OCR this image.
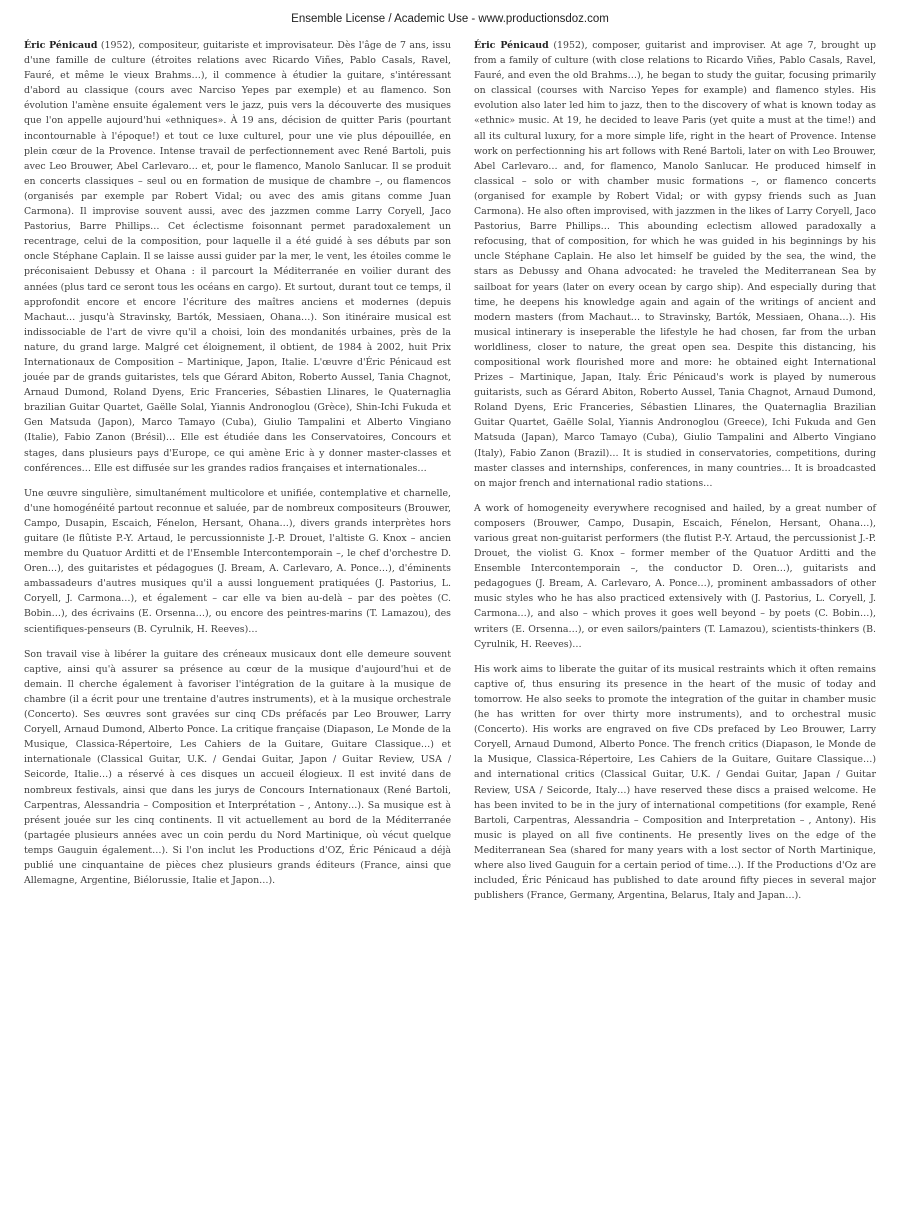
Ensemble License / Academic Use - www.productionsdoz.com

Éric Pénicaud (1952), compositeur, guitariste et improvisateur. Dès l'âge de 7 ans, issu d'une famille de culture (étroites relations avec Ricardo Viñes, Pablo Casals, Ravel, Fauré, et même le vieux Brahms…), il commence à étudier la guitare, s'intéressant d'abord au classique (cours avec Narciso Yepes par exemple) et au flamenco. Son évolution l'amène ensuite également vers le jazz, puis vers la découverte des musiques que l'on appelle aujourd'hui «ethniques». À 19 ans, décision de quitter Paris (pourtant incontournable à l'époque!) et tout ce luxe culturel, pour une vie plus dépouillée, en plein cœur de la Provence. Intense travail de perfectionnement avec René Bartoli, puis avec Leo Brouwer, Abel Carlevaro… et, pour le flamenco, Manolo Sanlucar. Il se produit en concerts classiques – seul ou en formation de musique de chambre –, ou flamencos (organisés par exemple par Robert Vidal; ou avec des amis gitans comme Juan Carmona). Il improvise souvent aussi, avec des jazzmen comme Larry Coryell, Jaco Pastorius, Barre Phillips… Cet éclectisme foisonnant permet paradoxalement un recentrage, celui de la composition, pour laquelle il a été guidé à ses débuts par son oncle Stéphane Caplain. Il se laisse aussi guider par la mer, le vent, les étoiles comme le préconisaient Debussy et Ohana : il parcourt la Méditerranée en voilier durant des années (plus tard ce seront tous les océans en cargo). Et surtout, durant tout ce temps, il approfondit encore et encore l'écriture des maîtres anciens et modernes (depuis Machaut… jusqu'à Stravinsky, Bartók, Messiaen, Ohana…). Son itinéraire musical est indissociable de l'art de vivre qu'il a choisi, loin des mondanités urbaines, près de la nature, du grand large. Malgré cet éloignement, il obtient, de 1984 à 2002, huit Prix Internationaux de Composition – Martinique, Japon, Italie. L'œuvre d'Éric Pénicaud est jouée par de grands guitaristes, tels que Gérard Abiton, Roberto Aussel, Tania Chagnot, Arnaud Dumond, Roland Dyens, Eric Franceries, Sébastien Llinares, le Quaternaglia brazilian Guitar Quartet, Gaëlle Solal, Yiannis Andronoglou (Grèce), Shin-Ichi Fukuda et Gen Matsuda (Japon), Marco Tamayo (Cuba), Giulio Tampalini et Alberto Vingiano (Italie), Fabio Zanon (Brésil)… Elle est étudiée dans les Conservatoires, Concours et stages, dans plusieurs pays d'Europe, ce qui amène Eric à y donner master-classes et conférences… Elle est diffusée sur les grandes radios françaises et internationales…

Une œuvre singulière, simultanément multicolore et unifiée, contemplative et charnelle, d'une homogénéité partout reconnue et saluée, par de nombreux compositeurs (Brouwer, Campo, Dusapin, Escaich, Fénelon, Hersant, Ohana…), divers grands interprètes hors guitare (le flûtiste P.-Y. Artaud, le percussionniste J.-P. Drouet, l'altiste G. Knox – ancien membre du Quatuor Arditti et de l'Ensemble Intercontemporain –, le chef d'orchestre D. Oren…), des guitaristes et pédagogues (J. Bream, A. Carlevaro, A. Ponce…), d'éminents ambassadeurs d'autres musiques qu'il a aussi longuement pratiquées (J. Pastorius, L. Coryell, J. Carmona…), et également – car elle va bien au-delà – par des poètes (C. Bobin…), des écrivains (E. Orsenna…), ou encore des peintres-marins (T. Lamazou), des scientifiques-penseurs (B. Cyrulnik, H. Reeves)…

Son travail vise à libérer la guitare des créneaux musicaux dont elle demeure souvent captive, ainsi qu'à assurer sa présence au cœur de la musique d'aujourd'hui et de demain. Il cherche également à favoriser l'intégration de la guitare à la musique de chambre (il a écrit pour une trentaine d'autres instruments), et à la musique orchestrale (Concerto). Ses œuvres sont gravées sur cinq CDs préfacés par Leo Brouwer, Larry Coryell, Arnaud Dumond, Alberto Ponce. La critique française (Diapason, Le Monde de la Musique, Classica-Répertoire, Les Cahiers de la Guitare, Guitare Classique…) et internationale (Classical Guitar, U.K. / Gendai Guitar, Japon / Guitar Review, USA / Seicorde, Italie…) a réservé à ces disques un accueil élogieux. Il est invité dans de nombreux festivals, ainsi que dans les jurys de Concours Internationaux (René Bartoli, Carpentras, Alessandria – Composition et Interprétation – , Antony…). Sa musique est à présent jouée sur les cinq continents. Il vit actuellement au bord de la Méditerranée (partagée plusieurs années avec un coin perdu du Nord Martinique, où vécut quelque temps Gauguin également…). Si l'on inclut les Productions d'OZ, Éric Pénicaud a déjà publié une cinquantaine de pièces chez plusieurs grands éditeurs (France, ainsi que Allemagne, Argentine, Biélorussie, Italie et Japon…).

Éric Pénicaud (1952), composer, guitarist and improviser. At age 7, brought up from a family of culture (with close relations to Ricardo Viñes, Pablo Casals, Ravel, Fauré, and even the old Brahms…), he began to study the guitar, focusing primarily on classical (courses with Narciso Yepes for example) and flamenco styles. His evolution also later led him to jazz, then to the discovery of what is known today as «ethnic» music. At 19, he decided to leave Paris (yet quite a must at the time!) and all its cultural luxury, for a more simple life, right in the heart of Provence. Intense work on perfectionning his art follows with René Bartoli, later on with Leo Brouwer, Abel Carlevaro… and, for flamenco, Manolo Sanlucar. He produced himself in classical – solo or with chamber music formations –, or flamenco concerts (organised for example by Robert Vidal; or with gypsy friends such as Juan Carmona). He also often improvised, with jazzmen in the likes of Larry Coryell, Jaco Pastorius, Barre Phillips… This abounding eclectism allowed paradoxally a refocusing, that of composition, for which he was guided in his beginnings by his uncle Stéphane Caplain. He also let himself be guided by the sea, the wind, the stars as Debussy and Ohana advocated: he traveled the Mediterranean Sea by sailboat for years (later on every ocean by cargo ship). And especially during that time, he deepens his knowledge again and again of the writings of ancient and modern masters (from Machaut… to Stravinsky, Bartók, Messiaen, Ohana…). His musical intinerary is inseperable the lifestyle he had chosen, far from the urban worldliness, closer to nature, the great open sea. Despite this distancing, his compositional work flourished more and more: he obtained eight International Prizes – Martinique, Japan, Italy. Éric Pénicaud's work is played by numerous guitarists, such as Gérard Abiton, Roberto Aussel, Tania Chagnot, Arnaud Dumond, Roland Dyens, Eric Franceries, Sébastien Llinares, the Quaternaglia Brazilian Guitar Quartet, Gaëlle Solal, Yiannis Andronoglou (Greece), Ichi Fukuda and Gen Matsuda (Japan), Marco Tamayo (Cuba), Giulio Tampalini and Alberto Vingiano (Italy), Fabio Zanon (Brazil)… It is studied in conservatories, competitions, during master classes and internships, conferences, in many countries… It is broadcasted on major french and international radio stations…

A work of homogeneity everywhere recognised and hailed, by a great number of composers (Brouwer, Campo, Dusapin, Escaich, Fénelon, Hersant, Ohana…), various great non-guitarist performers (the flutist P.-Y. Artaud, the percussionist J.-P. Drouet, the violist G. Knox – former member of the Quatuor Arditti and the Ensemble Intercontemporain –, the conductor D. Oren…), guitarists and pedagogues (J. Bream, A. Carlevaro, A. Ponce…), prominent ambassadors of other music styles who he has also practiced extensively with (J. Pastorius, L. Coryell, J. Carmona…), and also – which proves it goes well beyond – by poets (C. Bobin…), writers (E. Orsenna…), or even sailors/painters (T. Lamazou), scientists-thinkers (B. Cyrulnik, H. Reeves)…

His work aims to liberate the guitar of its musical restraints which it often remains captive of, thus ensuring its presence in the heart of the music of today and tomorrow. He also seeks to promote the integration of the guitar in chamber music (he has written for over thirty more instruments), and to orchestral music (Concerto). His works are engraved on five CDs prefaced by Leo Brouwer, Larry Coryell, Arnaud Dumond, Alberto Ponce. The french critics (Diapason, le Monde de la Musique, Classica-Répertoire, Les Cahiers de la Guitare, Guitare Classique…) and international critics (Classical Guitar, U.K. / Gendai Guitar, Japan / Guitar Review, USA / Seicorde, Italy…) have reserved these discs a praised welcome. He has been invited to be in the jury of international competitions (for example, René Bartoli, Carpentras, Alessandria – Composition and Interpretation – , Antony). His music is played on all five continents. He presently lives on the edge of the Mediterranean Sea (shared for many years with a lost sector of North Martinique, where also lived Gauguin for a certain period of time…). If the Productions d'Oz are included, Éric Pénicaud has published to date around fifty pieces in several major publishers (France, Germany, Argentina, Belarus, Italy and Japan…).
